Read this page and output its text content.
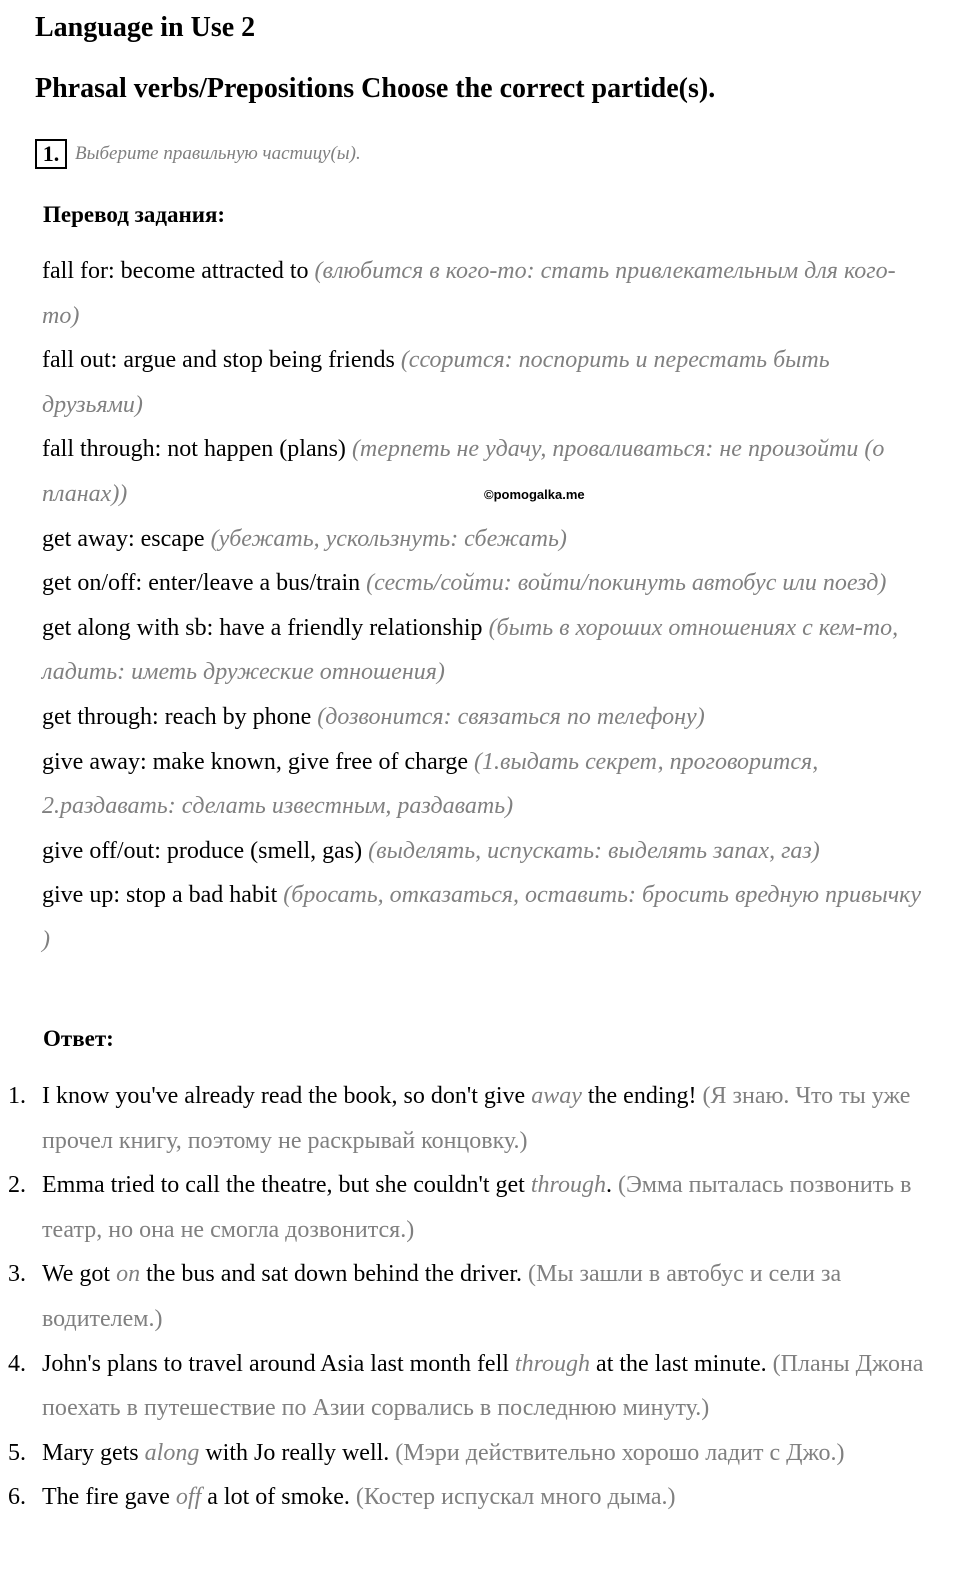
Language in Use 2
Phrasal verbs/Prepositions Choose the correct partide(s).
1. Выберите правильную частицу(ы).
Перевод задания:
fall for: become attracted to (влюбится в кого-то: стать привлекательным для кого-то)
fall out: argue and stop being friends (ссорится: поспорить и перестать быть друзьями)
fall through: not happen (plans) (терпеть не удачу, проваливаться: не произойти (о планах))
get away: escape (убежать, ускользнуть: сбежать)
get on/off: enter/leave a bus/train (сесть/сойти: войти/покинуть автобус или поезд)
get along with sb: have a friendly relationship (быть в хороших отношениях с кем-то, ладить: иметь дружеские отношения)
get through: reach by phone (дозвонится: связаться по телефону)
give away: make known, give free of charge (1.выдать секрет, проговорится, 2.раздавать: сделать известным, раздавать)
give off/out: produce (smell, gas) (выделять, испускать: выделять запах, газ)
give up: stop a bad habit (бросать, отказаться, оставить: бросить вредную привычку )
©pomogalka.me
Ответ:
1. I know you've already read the book, so don't give away the ending! (Я знаю. Что ты уже прочел книгу, поэтому не раскрывай концовку.)
2. Emma tried to call the theatre, but she couldn't get through. (Эмма пыталась позвонить в театр, но она не смогла дозвонится.)
3. We got on the bus and sat down behind the driver. (Мы зашли в автобус и сели за водителем.)
4. John's plans to travel around Asia last month fell through at the last minute. (Планы Джона поехать в путешествие по Азии сорвались в последнюю минуту.)
5. Mary gets along with Jo really well. (Мэри действительно хорошо ладит с Джо.)
6. The fire gave off a lot of smoke. (Костер испускал много дыма.)
